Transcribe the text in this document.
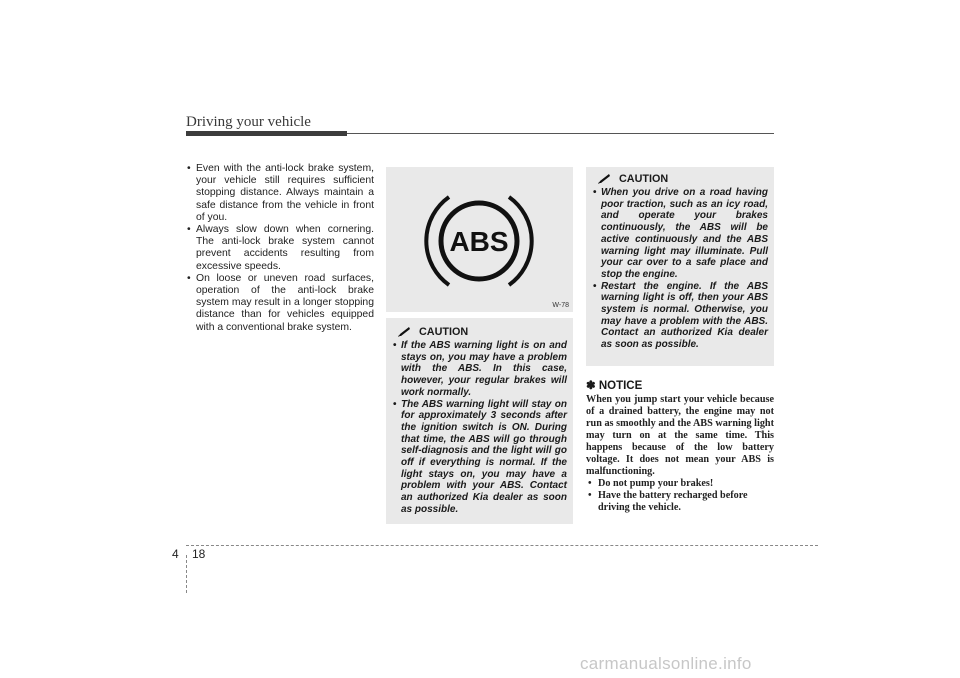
Driving your vehicle
• Even with the anti-lock brake system, your vehicle still requires sufficient stopping distance. Always maintain a safe distance from the vehicle in front of you.
• Always slow down when cornering. The anti-lock brake system cannot prevent accidents resulting from excessive speeds.
• On loose or uneven road surfaces, operation of the anti-lock brake system may result in a longer stopping distance than for vehicles equipped with a conventional brake system.
ABS
W-78
CAUTION
• If the ABS warning light is on and stays on, you may have a problem with the ABS. In this case, however, your regular brakes will work normally.
• The ABS warning light will stay on for approximately 3 seconds after the ignition switch is ON. During that time, the ABS will go through self-diagnosis and the light will go off if everything is normal. If the light stays on, you may have a problem with your ABS. Contact an authorized Kia dealer as soon as possible.
CAUTION
• When you drive on a road having poor traction, such as an icy road, and operate your brakes continuously, the ABS will be active continuously and the ABS warning light may illuminate. Pull your car over to a safe place and stop the engine.
• Restart the engine. If the ABS warning light is off, then your ABS system is normal. Otherwise, you may have a problem with the ABS. Contact an authorized Kia dealer as soon as possible.
✽ NOTICE
When you jump start your vehicle because of a drained battery, the engine may not run as smoothly and the ABS warning light may turn on at the same time. This happens because of the low battery voltage. It does not mean your ABS is malfunctioning.
• Do not pump your brakes!
• Have the battery recharged before driving the vehicle.
4 18
carmanualsonline.info
